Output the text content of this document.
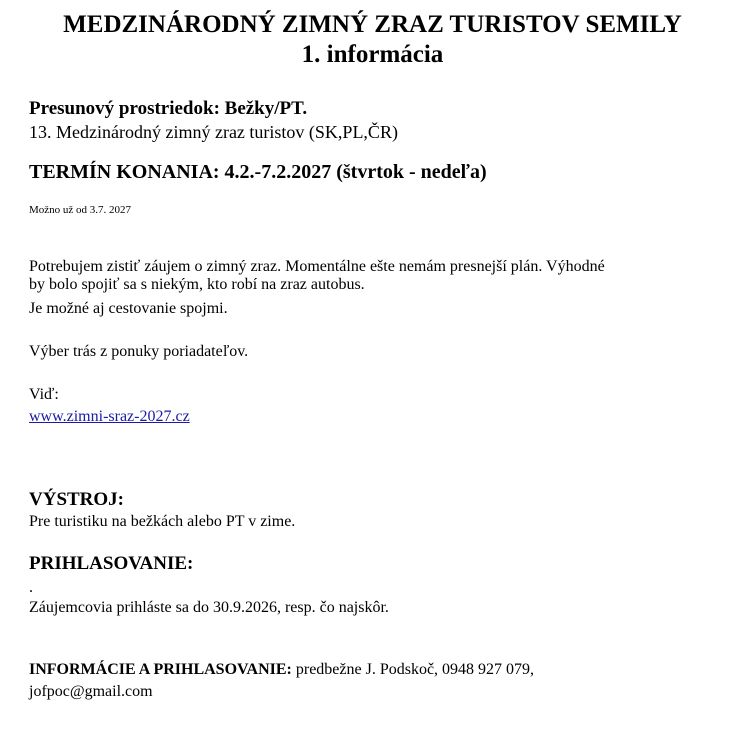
MEDZINÁRODNÝ ZIMNÝ ZRAZ TURISTOV SEMILY
1. informácia
Presunový prostriedok: Bežky/PT.
13. Medzinárodný zimný zraz turistov (SK,PL,ČR)
TERMÍN KONANIA: 4.2.-7.2.2027 (štvrtok - nedeľa)
Možno už od 3.7. 2027
Potrebujem zistiť záujem o zimný zraz. Momentálne ešte nemám presnejší plán. Výhodné
by bolo spojiť sa s niekým, kto robí na zraz autobus.
Je možné aj cestovanie spojmi.
Výber trás z ponuky poriadateľov.
Viď:
www.zimni-sraz-2027.cz
VÝSTROJ:
Pre turistiku na bežkách alebo PT v zime.
PRIHLASOVANIE:
.
Záujemcovia prihláste sa do 30.9.2026, resp. čo najskôr.
INFORMÁCIE A PRIHLASOVANIE: predbežne J. Podskoč, 0948 927 079,
jofpoc@gmail.com
